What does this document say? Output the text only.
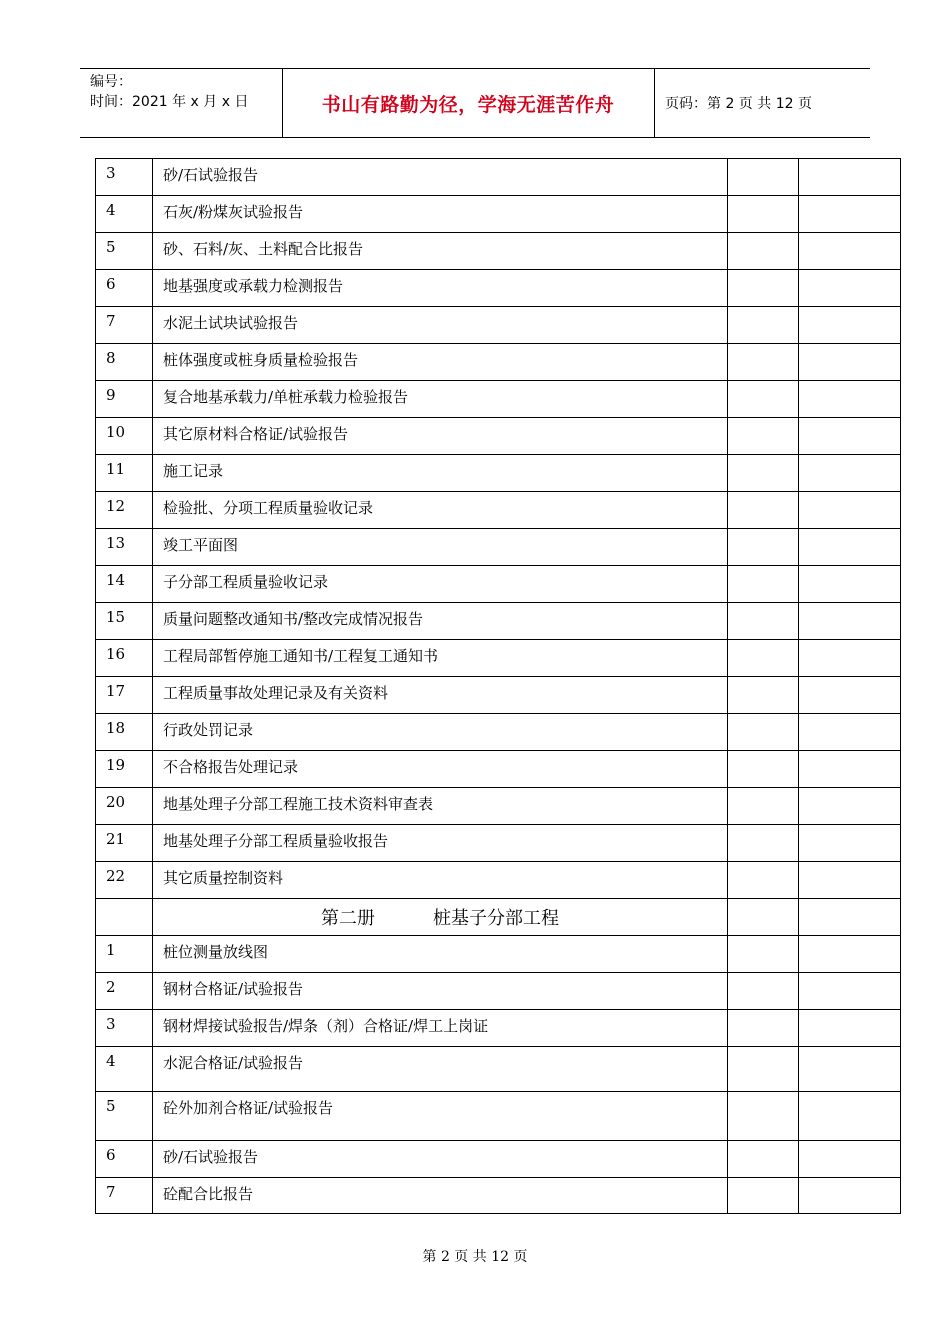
编号：
时间：2021 年 x 月 x 日	书山有路勤为径，学海无涯苦作舟	页码：第 2 页 共 12 页
3	砂/石试验报告		
4	石灰/粉煤灰试验报告		
5	砂、石料/灰、土料配合比报告		
6	地基强度或承载力检测报告		
7	水泥土试块试验报告		
8	桩体强度或桩身质量检验报告		
9	复合地基承载力/单桩承载力检验报告		
10	其它原材料合格证/试验报告		
11	施工记录		
12	检验批、分项工程质量验收记录		
13	竣工平面图		
14	子分部工程质量验收记录		
15	质量问题整改通知书/整改完成情况报告		
16	工程局部暂停施工通知书/工程复工通知书		
17	工程质量事故处理记录及有关资料		
18	行政处罚记录		
19	不合格报告处理记录		
20	地基处理子分部工程施工技术资料审查表		
21	地基处理子分部工程质量验收报告		
22	其它质量控制资料		
	第二册 桩基子分部工程		
1	桩位测量放线图		
2	钢材合格证/试验报告		
3	钢材焊接试验报告/焊条（剂）合格证/焊工上岗证		
4	水泥合格证/试验报告		
5	砼外加剂合格证/试验报告		
6	砂/石试验报告		
7	砼配合比报告		
第 2 页 共 12 页
